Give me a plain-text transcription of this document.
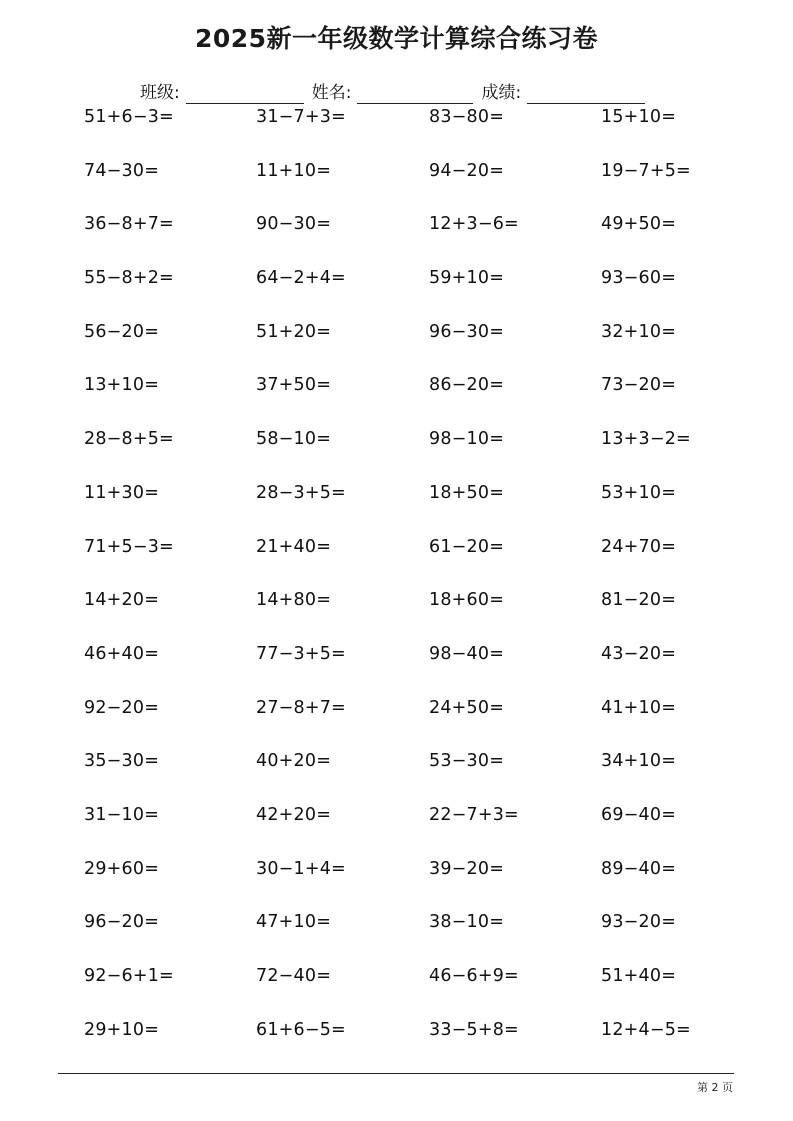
2025新一年级数学计算综合练习卷
班级:	姓名:	成绩:
51+6−3=	31−7+3=	83−80=	15+10=
74−30=	11+10=	94−20=	19−7+5=
36−8+7=	90−30=	12+3−6=	49+50=
55−8+2=	64−2+4=	59+10=	93−60=
56−20=	51+20=	96−30=	32+10=
13+10=	37+50=	86−20=	73−20=
28−8+5=	58−10=	98−10=	13+3−2=
11+30=	28−3+5=	18+50=	53+10=
71+5−3=	21+40=	61−20=	24+70=
14+20=	14+80=	18+60=	81−20=
46+40=	77−3+5=	98−40=	43−20=
92−20=	27−8+7=	24+50=	41+10=
35−30=	40+20=	53−30=	34+10=
31−10=	42+20=	22−7+3=	69−40=
29+60=	30−1+4=	39−20=	89−40=
96−20=	47+10=	38−10=	93−20=
92−6+1=	72−40=	46−6+9=	51+40=
29+10=	61+6−5=	33−5+8=	12+4−5=
第 2 页
